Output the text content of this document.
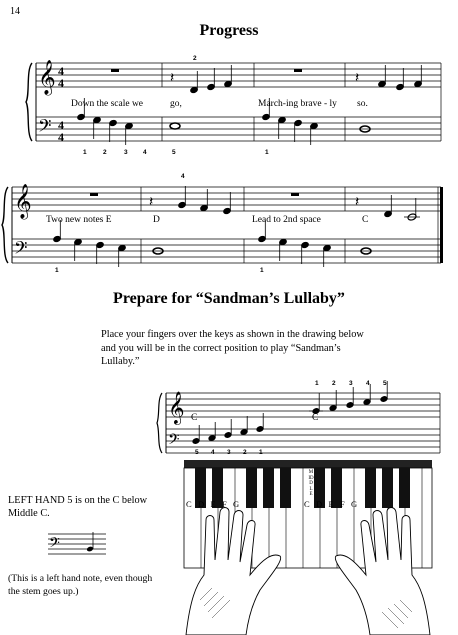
14
Progress
𝄞
𝄢
4
4
4
4
𝄽	𝄽
Down the scale we	go,	March-ing brave - ly so.
2
1	2	3 4	5	1
𝄞
𝄢
𝄽	𝄽
Two new notes E	D	Lead to 2nd space	C
4
1	1
Prepare for “Sandman’s Lullaby”
Place your fingers over the keys as shown in the drawing below and you will be in the correct position to play “Sandman’s Lullaby.”
𝄞
𝄢
1 2 3 4 5
C	C
5 4 3 2 1
CDEFG	CDEFG
MIDDLE
LEFT HAND 5 is on the C below Middle C.
𝄢
(This is a left hand note, even though the stem goes up.)
